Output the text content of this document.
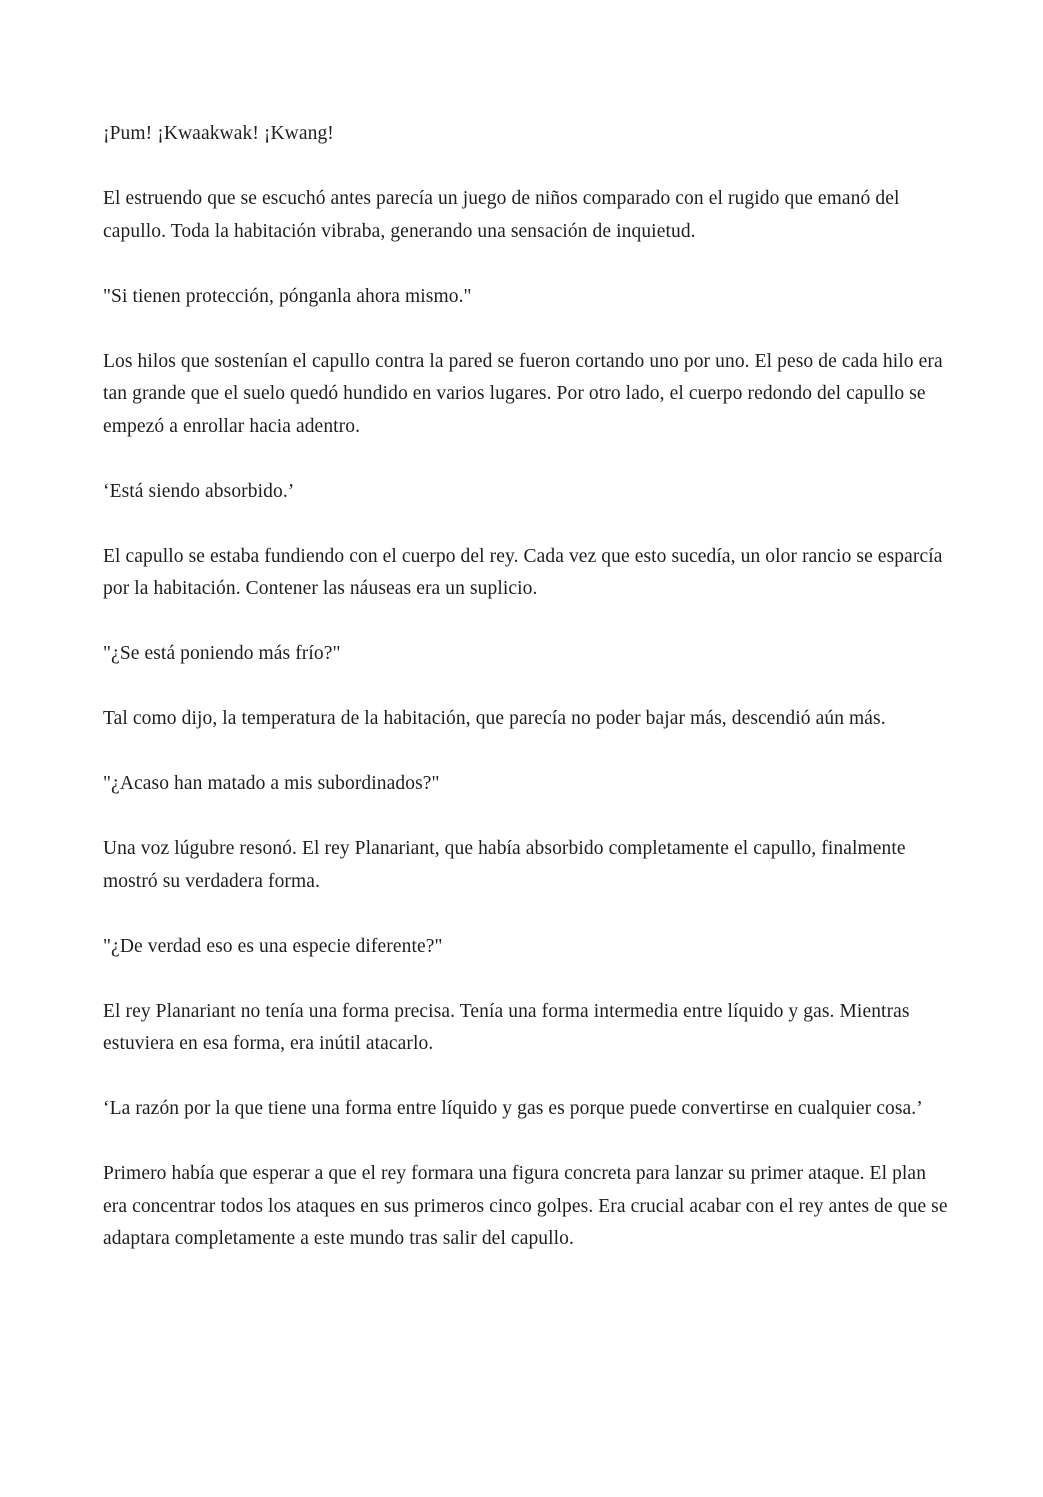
¡Pum! ¡Kwaakwak! ¡Kwang!

El estruendo que se escuchó antes parecía un juego de niños comparado con el rugido que emanó del capullo. Toda la habitación vibraba, generando una sensación de inquietud.

"Si tienen protección, pónganla ahora mismo."

Los hilos que sostenían el capullo contra la pared se fueron cortando uno por uno. El peso de cada hilo era tan grande que el suelo quedó hundido en varios lugares. Por otro lado, el cuerpo redondo del capullo se empezó a enrollar hacia adentro.

‘Está siendo absorbido.’

El capullo se estaba fundiendo con el cuerpo del rey. Cada vez que esto sucedía, un olor rancio se esparcía por la habitación. Contener las náuseas era un suplicio.

"¿Se está poniendo más frío?"

Tal como dijo, la temperatura de la habitación, que parecía no poder bajar más, descendió aún más.

"¿Acaso han matado a mis subordinados?"

Una voz lúgubre resonó. El rey Planariant, que había absorbido completamente el capullo, finalmente mostró su verdadera forma.

"¿De verdad eso es una especie diferente?"

El rey Planariant no tenía una forma precisa. Tenía una forma intermedia entre líquido y gas. Mientras estuviera en esa forma, era inútil atacarlo.

‘La razón por la que tiene una forma entre líquido y gas es porque puede convertirse en cualquier cosa.’

Primero había que esperar a que el rey formara una figura concreta para lanzar su primer ataque. El plan era concentrar todos los ataques en sus primeros cinco golpes. Era crucial acabar con el rey antes de que se adaptara completamente a este mundo tras salir del capullo.
